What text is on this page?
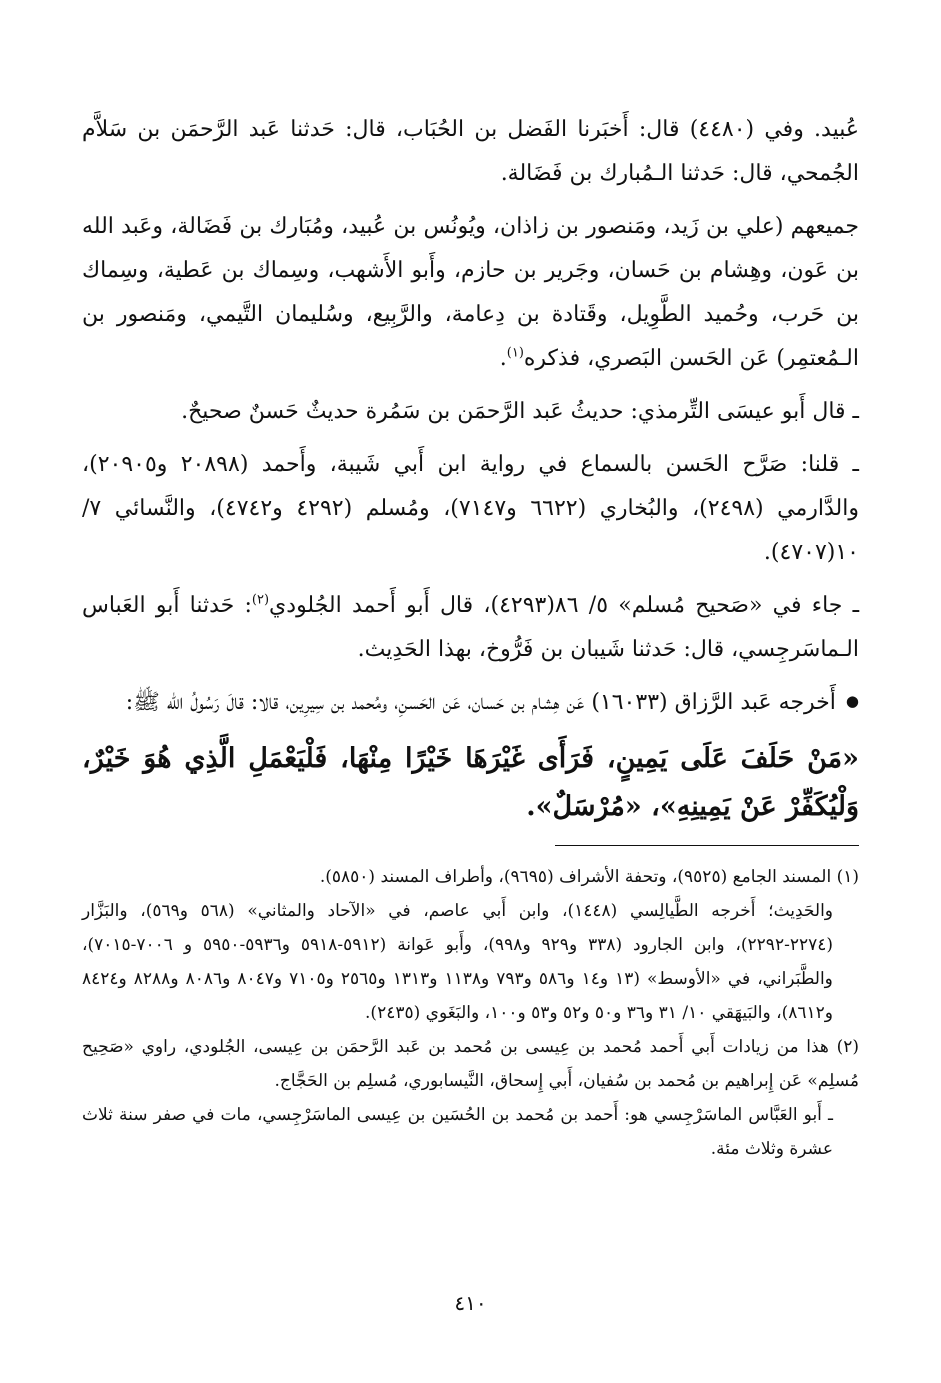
عُبيد. وفي (٤٤٨٠) قال: أَخبَرنا الفَضل بن الحُبَاب، قال: حَدثنا عَبد الرَّحمَن بن سَلاَّم الجُمحي، قال: حَدثنا الـمُبارك بن فَضَالة.

جميعهم (علي بن زَيد، ومَنصور بن زاذان، ويُونُس بن عُبيد، ومُبَارك بن فَضَالة، وعَبد الله بن عَون، وهِشام بن حَسان، وجَرير بن حازم، وأَبو الأَشهب، وسِماك بن عَطية، وسِماك بن حَرب، وحُميد الطَّوِيل، وقَتادة بن دِعامة، والرَّبِيع، وسُليمان التَّيمي، ومَنصور بن الـمُعتمِر) عَن الحَسن البَصري، فذكره$^{(١)}$.

ـ قال أَبو عيسَى التِّرمذي: حديثُ عَبد الرَّحمَن بن سَمُرة حديثٌ حَسنٌ صحيحٌ.

ـ قلنا: صَرَّح الحَسن بالسماع في رواية ابن أَبي شَيبة، وأَحمد (٢٠٨٩٨ و٢٠٩٠٥)، والدَّارمي (٢٤٩٨)، والبُخاري (٦٦٢٢ و٧١٤٧)، ومُسلم (٤٢٩٢ و٤٧٤٢)، والنَّسائي ٧/ ١٠(٤٧٠٧).

ـ جاء في «صَحيح مُسلم» ٥/ ٨٦(٤٢٩٣)، قال أَبو أَحمد الجُلودي$^{(٢)}$: حَدثنا أَبو العَباس الـماسَرجِسي، قال: حَدثنا شَيبان بن فَرُّوخ، بهذا الحَدِيث.

● أَخرجه عَبد الرَّزاق (١٦٠٣٣) عَن هِشام بن حَسان، عَن الحَسنِ، ومُحمد بن سِيرِين، قالا: قالَ رَسُولُ الله ﷺ:

«مَنْ حَلَفَ عَلَى يَمِينٍ، فَرَأَى غَيْرَهَا خَيْرًا مِنْهَا، فَلْيَعْمَلِ الَّذِي هُوَ خَيْرٌ، وَلْيُكَفِّرْ عَنْ يَمِينِهِ»، «مُرْسَلٌ».

(١) المسند الجامع (٩٥٢٥)، وتحفة الأشراف (٩٦٩٥)، وأطراف المسند (٥٨٥٠).

والحَدِيث؛ أَخرجه الطَّيالِسي (١٤٤٨)، وابن أَبي عاصم، في «الآحاد والمثاني» (٥٦٨ و٥٦٩)، والبَزَّار (٢٢٧٤-٢٢٩٢)، وابن الجارود (٣٣٨ و٩٢٩ و٩٩٨)، وأَبو عَوانة (٥٩١٢-٥٩١٨ و٥٩٣٦-٥٩٥٠ و ٧٠٠٦-٧٠١٥)، والطَّبَراني، في «الأوسط» (١٣ و١٤ و٥٨٦ و٧٩٣ و١١٣٨ و١٣١٣ و٢٥٦٥ و٧١٠٥ و٨٠٤٧ و٨٠٨٦ و٨٢٨٨ و٨٤٢٤ و٨٦١٢)، والبَيهَقي ١٠/ ٣١ و٣٦ و٥٠ و٥٢ و٥٣ و١٠٠، والبَغَوي (٢٤٣٥).

(٢) هذا من زيادات أَبي أَحمد مُحمد بن عِيسى بن مُحمد بن عَبد الرَّحمَن بن عِيسى، الجُلودي، راوي «صَحِيح مُسلِم» عَن إِبراهيم بن مُحمد بن سُفيان، أَبي إِسحاق، النَّيسابوري، مُسلِم بن الحَجَّاج.

ـ أَبو العَبَّاس الماسَرْجِسي هو: أَحمد بن مُحمد بن الحُسَين بن عِيسى الماسَرْجِسي، مات في صفر سنة ثلاث عشرة وثلاث مئة.

٤١٠
